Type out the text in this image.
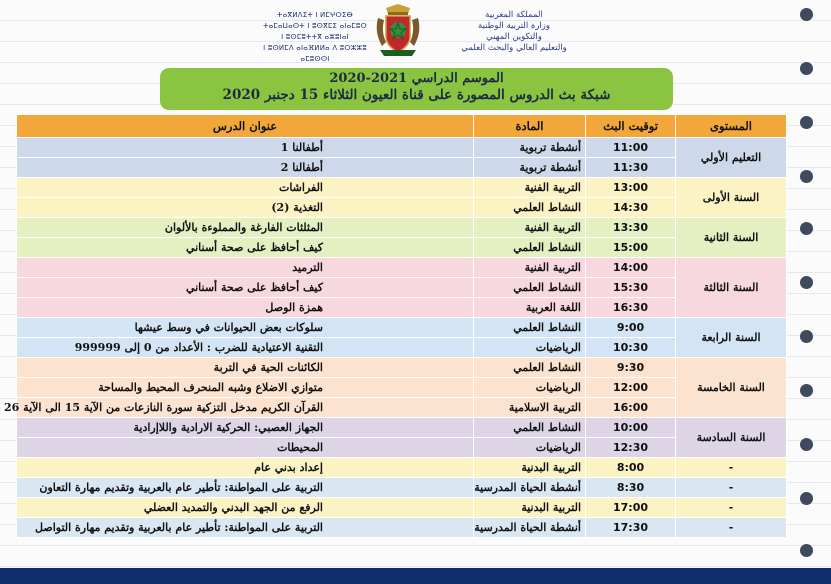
ⵜⴰⴳⵍⴷⵉⵜ ⵏ ⵍⵎⵖⵔⵉⴱ
ⵜⴰⵎⴰⵡⴰⵙⵜ ⵏ ⵓⵙⴳⵎⵉ ⴰⵏⴰⵎⵓⵔ
ⵏ ⵓⵙⵎⵓⵜⵜⴳ ⴰⵣⵓⵏⴰⵏ
ⵏ ⵓⵙⵍⵎⴷ ⴰⵏⴰⴼⵍⵍⴰ ⴷ ⵓⵔⵣⵣⵓ ⴰⵎⵓⵙⵙⵏ
المملكة المغربية
وزارة التربية الوطنية
والتكوين المهني
والتعليم العالي والبحث العلمي
الموسم الدراسي 2021-2020
شبكة بث الدروس المصورة على قناة العيون الثلاثاء 15 دجنبر 2020
المستوى	توقيت البث	المادة	عنوان الدرس
التعليم الأولي	11:00	أنشطة تربوية	أطفالنا 1
	11:30	أنشطة تربوية	أطفالنا 2
السنة الأولى	13:00	التربية الفنية	الفراشات
	14:30	النشاط العلمي	التغذية (2)
السنة الثانية	13:30	التربية الفنية	المثلثات الفارغة والمملوءة بالألوان
	15:00	النشاط العلمي	كيف أحافظ على صحة أسناني
السنة الثالثة	14:00	التربية الفنية	الترميد
	15:30	النشاط العلمي	كيف أحافظ على صحة أسناني
	16:30	اللغة العربية	همزة الوصل
السنة الرابعة	9:00	النشاط العلمي	سلوكات بعض الحيوانات في وسط عيشها
	10:30	الرياضيات	التقنية الاعتيادية للضرب : الأعداد من 0 إلى 999999
السنة الخامسة	9:30	النشاط العلمي	الكائنات الحية في التربة
	12:00	الرياضيات	متوازي الاضلاع وشبه المنحرف المحيط والمساحة
	16:00	التربية الاسلامية	القرآن الكريم مدخل التزكية سورة النازعات من الآية 15 الى الآية 26
السنة السادسة	10:00	النشاط العلمي	الجهاز العصبي: الحركية الارادية واللاإرادية
	12:30	الرياضيات	المحيطات
-	8:00	التربية البدنية	إعداد بدني عام
-	8:30	أنشطة الحياة المدرسية	التربية على المواطنة: تأطير عام بالعربية وتقديم مهارة التعاون
-	17:00	التربية البدنية	الرفع من الجهد البدني والتمديد العضلي
-	17:30	أنشطة الحياة المدرسية	التربية على المواطنة: تأطير عام بالعربية وتقديم مهارة التواصل
